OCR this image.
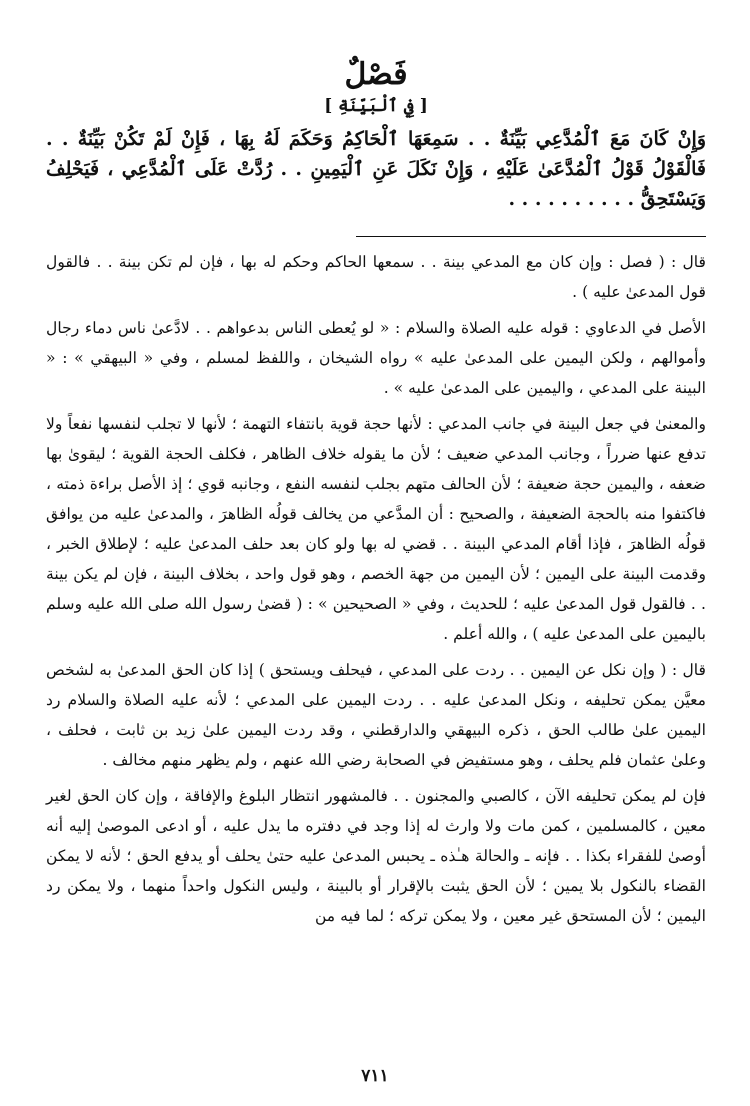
فَصْلٌ
[ فِي ٱلْبَيِّنَةِ ]

وَإِنْ كَانَ مَعَ ٱلْمُدَّعِي بَيِّنَةٌ . . سَمِعَهَا ٱلْحَاكِمُ وَحَكَمَ لَهُ بِهَا ، فَإِنْ لَمْ تَكُنْ بَيِّنَةٌ . . فَالْقَوْلُ قَوْلُ ٱلْمُدَّعَىٰ عَلَيْهِ ، وَإِنْ نَكَلَ عَنِ ٱلْيَمِينِ . . رُدَّتْ عَلَى ٱلْمُدَّعِي ، فَيَحْلِفُ وَيَسْتَحِقُّ . . . . . . . . . .

قال : ( فصل : وإن كان مع المدعي بينة . . سمعها الحاكم وحكم له بها ، فإن لم تكن بينة . . فالقول قول المدعىٰ عليه ) .

الأصل في الدعاوي : قوله عليه الصلاة والسلام : « لو يُعطى الناس بدعواهم . . لادَّعىٰ ناس دماء رجال وأموالهم ، ولكن اليمين على المدعىٰ عليه » رواه الشيخان ، واللفظ لمسلم ، وفي « البيهقي » : « البينة على المدعي ، واليمين على المدعىٰ عليه » .

والمعنىٰ في جعل البينة في جانب المدعي : لأنها حجة قوية بانتفاء التهمة ؛ لأنها لا تجلب لنفسها نفعاً ولا تدفع عنها ضرراً ، وجانب المدعي ضعيف ؛ لأن ما يقوله خلاف الظاهر ، فكلف الحجة القوية ؛ ليقوىٰ بها ضعفه ، واليمين حجة ضعيفة ؛ لأن الحالف متهم بجلب لنفسه النفع ، وجانبه قوي ؛ إذ الأصل براءة ذمته ، فاكتفوا منه بالحجة الضعيفة ، والصحيح : أن المدَّعي من يخالف قولُه الظاهرَ ، والمدعىٰ عليه من يوافق قولُه الظاهرَ ، فإذا أقام المدعي البينة . . قضي له بها ولو كان بعد حلف المدعىٰ عليه ؛ لإطلاق الخبر ، وقدمت البينة على اليمين ؛ لأن اليمين من جهة الخصم ، وهو قول واحد ، بخلاف البينة ، فإن لم يكن بينة . . فالقول قول المدعىٰ عليه ؛ للحديث ، وفي « الصحيحين » : ( قضىٰ رسول الله صلى الله عليه وسلم باليمين على المدعىٰ عليه ) ، والله أعلم .

قال : ( وإن نكل عن اليمين . . ردت على المدعي ، فيحلف ويستحق ) إذا كان الحق المدعىٰ به لشخص معيَّن يمكن تحليفه ، ونكل المدعىٰ عليه . . ردت اليمين على المدعي ؛ لأنه عليه الصلاة والسلام رد اليمين علىٰ طالب الحق ، ذكره البيهقي والدارقطني ، وقد ردت اليمين علىٰ زيد بن ثابت ، فحلف ، وعلىٰ عثمان فلم يحلف ، وهو مستفيض في الصحابة رضي الله عنهم ، ولم يظهر منهم مخالف .

فإن لم يمكن تحليفه الآن ، كالصبي والمجنون . . فالمشهور انتظار البلوغ والإفاقة ، وإن كان الحق لغير معين ، كالمسلمين ، كمن مات ولا وارث له إذا وجد في دفتره ما يدل عليه ، أو ادعى الموصىٰ إليه أنه أوصىٰ للفقراء بكذا . . فإنه ـ والحالة هـٰذه ـ يحبس المدعىٰ عليه حتىٰ يحلف أو يدفع الحق ؛ لأنه لا يمكن القضاء بالنكول بلا يمين ؛ لأن الحق يثبت بالإقرار أو بالبينة ، وليس النكول واحداً منهما ، ولا يمكن رد اليمين ؛ لأن المستحق غير معين ، ولا يمكن تركه ؛ لما فيه من

٧١١
